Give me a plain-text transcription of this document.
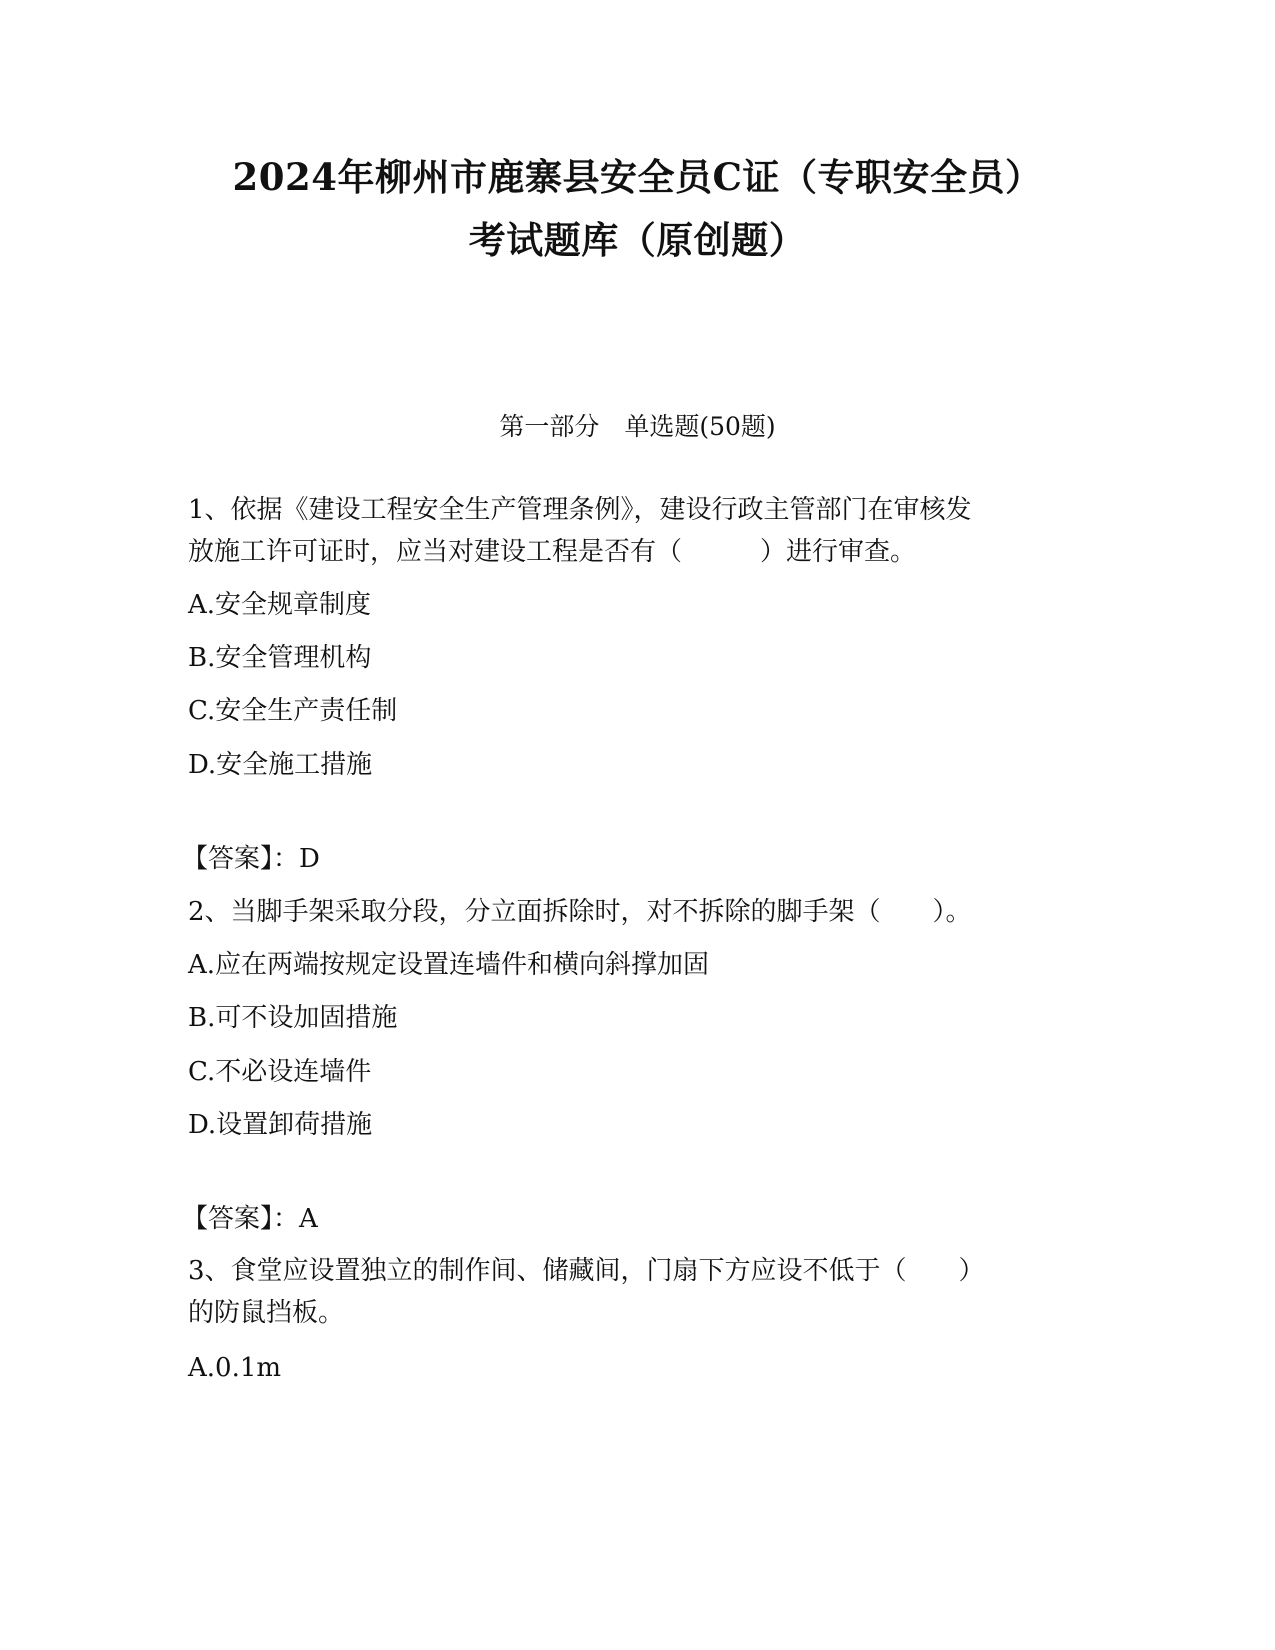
2024年柳州市鹿寨县安全员C证（专职安全员）
考试题库（原创题）
第一部分　单选题(50题)
1、依据《建设工程安全生产管理条例》，建设行政主管部门在审核发
放施工许可证时，应当对建设工程是否有（　　　）进行审查。
A.安全规章制度
B.安全管理机构
C.安全生产责任制
D.安全施工措施
【答案】：D
2、当脚手架采取分段，分立面拆除时，对不拆除的脚手架（　　）。
A.应在两端按规定设置连墙件和横向斜撑加固
B.可不设加固措施
C.不必设连墙件
D.设置卸荷措施
【答案】：A
3、食堂应设置独立的制作间、储藏间，门扇下方应设不低于（　　）
的防鼠挡板。
A.0.1m
